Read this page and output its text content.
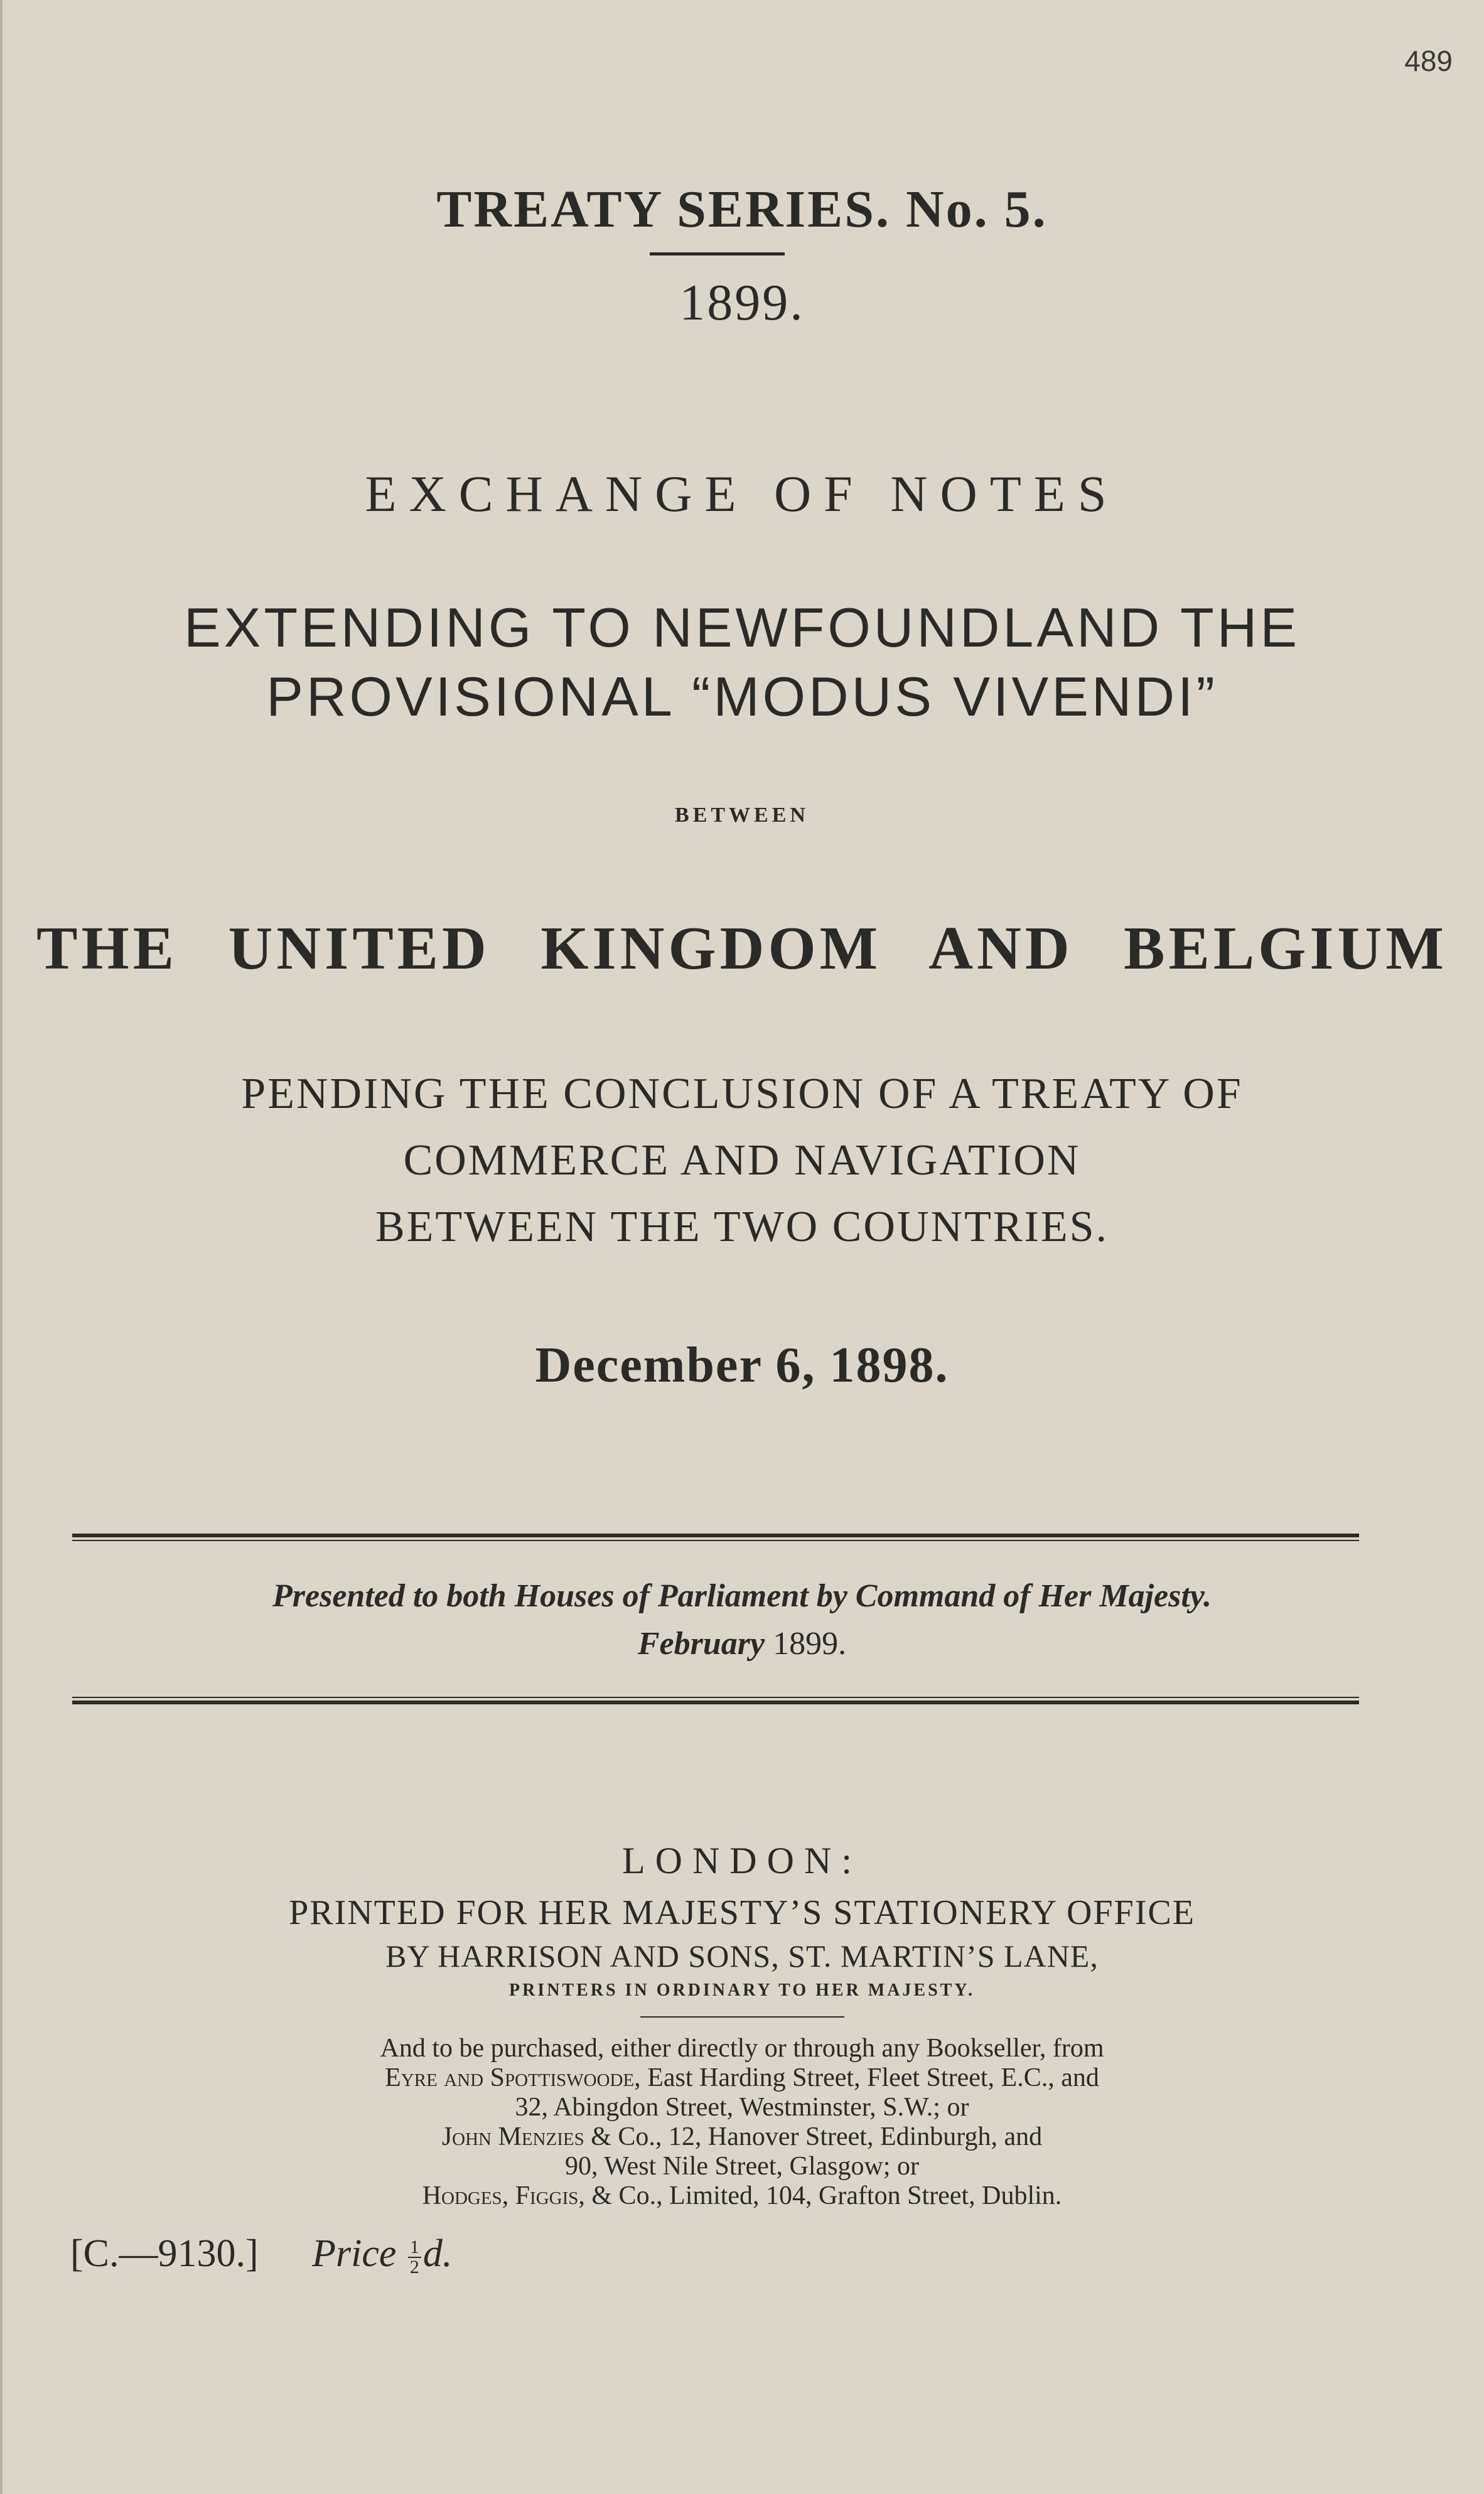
489
TREATY SERIES. No. 5.
1899.
EXCHANGE OF NOTES
EXTENDING TO NEWFOUNDLAND THE
PROVISIONAL “MODUS VIVENDI”
BETWEEN
THE UNITED KINGDOM AND BELGIUM
PENDING THE CONCLUSION OF A TREATY OF
COMMERCE AND NAVIGATION
BETWEEN THE TWO COUNTRIES.
December 6, 1898.
Presented to both Houses of Parliament by Command of Her Majesty.
February 1899.
LONDON:
PRINTED FOR HER MAJESTY’S STATIONERY OFFICE
BY HARRISON AND SONS, ST. MARTIN’S LANE,
PRINTERS IN ORDINARY TO HER MAJESTY.
And to be purchased, either directly or through any Bookseller, from
Eyre and Spottiswoode, East Harding Street, Fleet Street, E.C., and
32, Abingdon Street, Westminster, S.W.; or
John Menzies & Co., 12, Hanover Street, Edinburgh, and
90, West Nile Street, Glasgow; or
Hodges, Figgis, & Co., Limited, 104, Grafton Street, Dublin.
[C.—9130.] Price $\frac{1}{2} d$.
